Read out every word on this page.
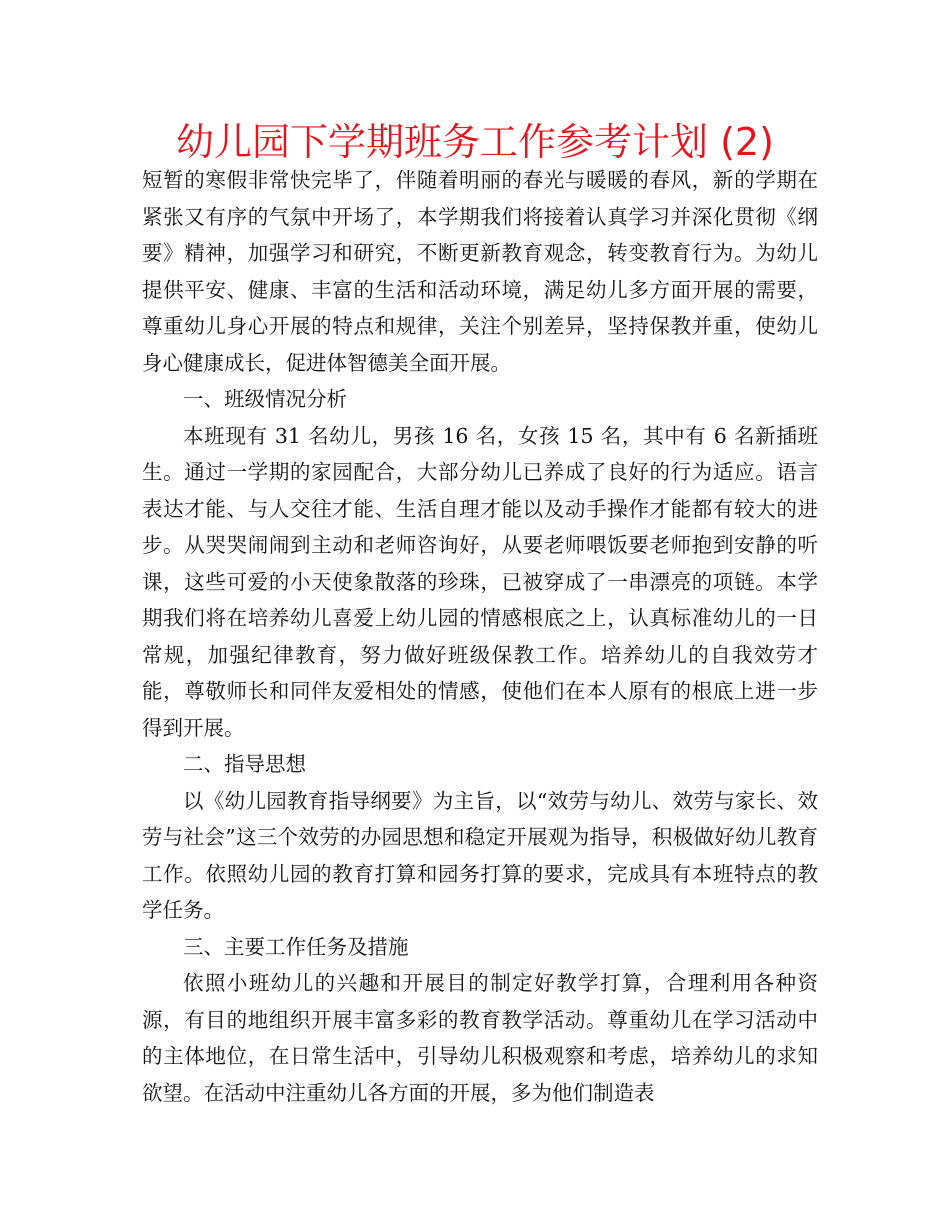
幼儿园下学期班务工作参考计划 (2)

短暂的寒假非常快完毕了，伴随着明丽的春光与暖暖的春风，新的学期在紧张又有序的气氛中开场了，本学期我们将接着认真学习并深化贯彻《纲要》精神，加强学习和研究，不断更新教育观念，转变教育行为。为幼儿提供平安、健康、丰富的生活和活动环境，满足幼儿多方面开展的需要，尊重幼儿身心开展的特点和规律，关注个别差异，坚持保教并重，使幼儿身心健康成长，促进体智德美全面开展。

一、班级情况分析

本班现有 31 名幼儿，男孩 16 名，女孩 15 名，其中有 6 名新插班生。通过一学期的家园配合，大部分幼儿已养成了良好的行为适应。语言表达才能、与人交往才能、生活自理才能以及动手操作才能都有较大的进步。从哭哭闹闹到主动和老师咨询好，从要老师喂饭要老师抱到安静的听课，这些可爱的小天使象散落的珍珠，已被穿成了一串漂亮的项链。本学期我们将在培养幼儿喜爱上幼儿园的情感根底之上，认真标准幼儿的一日常规，加强纪律教育，努力做好班级保教工作。培养幼儿的自我效劳才能，尊敬师长和同伴友爱相处的情感，使他们在本人原有的根底上进一步得到开展。

二、指导思想

以《幼儿园教育指导纲要》为主旨，以“效劳与幼儿、效劳与家长、效劳与社会”这三个效劳的办园思想和稳定开展观为指导，积极做好幼儿教育工作。依照幼儿园的教育打算和园务打算的要求，完成具有本班特点的教学任务。

三、主要工作任务及措施

依照小班幼儿的兴趣和开展目的制定好教学打算，合理利用各种资源，有目的地组织开展丰富多彩的教育教学活动。尊重幼儿在学习活动中的主体地位，在日常生活中，引导幼儿积极观察和考虑，培养幼儿的求知欲望。在活动中注重幼儿各方面的开展，多为他们制造表
